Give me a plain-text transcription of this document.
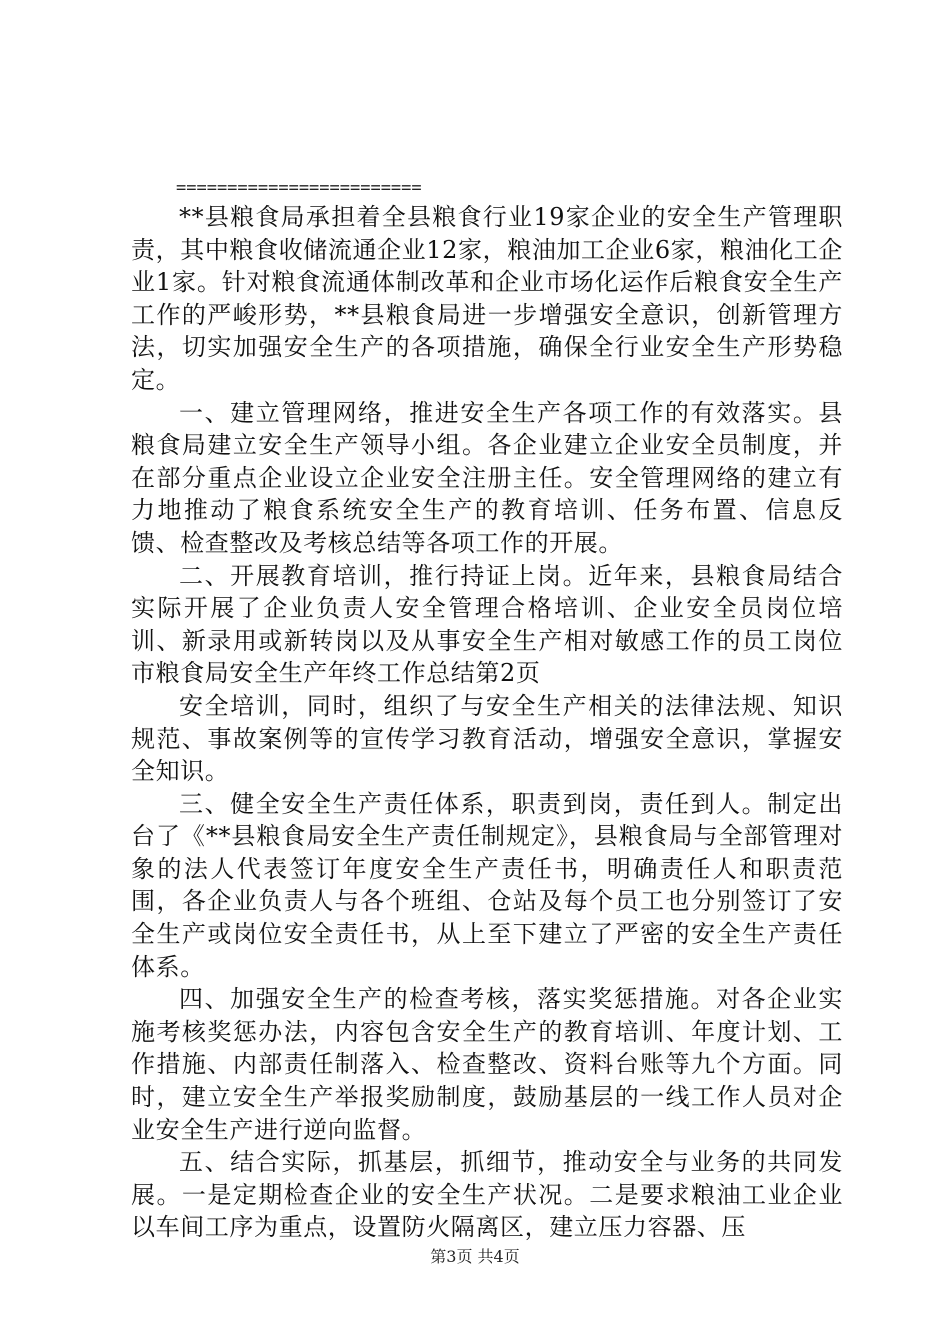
========================

**县粮食局承担着全县粮食行业19家企业的安全生产管理职责，其中粮食收储流通企业12家，粮油加工企业6家，粮油化工企业1家。针对粮食流通体制改革和企业市场化运作后粮食安全生产工作的严峻形势，**县粮食局进一步增强安全意识，创新管理方法，切实加强安全生产的各项措施，确保全行业安全生产形势稳定。

一、建立管理网络，推进安全生产各项工作的有效落实。县粮食局建立安全生产领导小组。各企业建立企业安全员制度，并在部分重点企业设立企业安全注册主任。安全管理网络的建立有力地推动了粮食系统安全生产的教育培训、任务布置、信息反馈、检查整改及考核总结等各项工作的开展。

二、开展教育培训，推行持证上岗。近年来，县粮食局结合实际开展了企业负责人安全管理合格培训、企业安全员岗位培训、新录用或新转岗以及从事安全生产相对敏感工作的员工岗位市粮食局安全生产年终工作总结第2页

安全培训，同时，组织了与安全生产相关的法律法规、知识规范、事故案例等的宣传学习教育活动，增强安全意识，掌握安全知识。

三、健全安全生产责任体系，职责到岗，责任到人。制定出台了《**县粮食局安全生产责任制规定》，县粮食局与全部管理对象的法人代表签订年度安全生产责任书，明确责任人和职责范围，各企业负责人与各个班组、仓站及每个员工也分别签订了安全生产或岗位安全责任书，从上至下建立了严密的安全生产责任体系。

四、加强安全生产的检查考核，落实奖惩措施。对各企业实施考核奖惩办法，内容包含安全生产的教育培训、年度计划、工作措施、内部责任制落入、检查整改、资料台账等九个方面。同时，建立安全生产举报奖励制度，鼓励基层的一线工作人员对企业安全生产进行逆向监督。

五、结合实际，抓基层，抓细节，推动安全与业务的共同发展。一是定期检查企业的安全生产状况。二是要求粮油工业企业以车间工序为重点，设置防火隔离区，建立压力容器、压

第3页 共4页
